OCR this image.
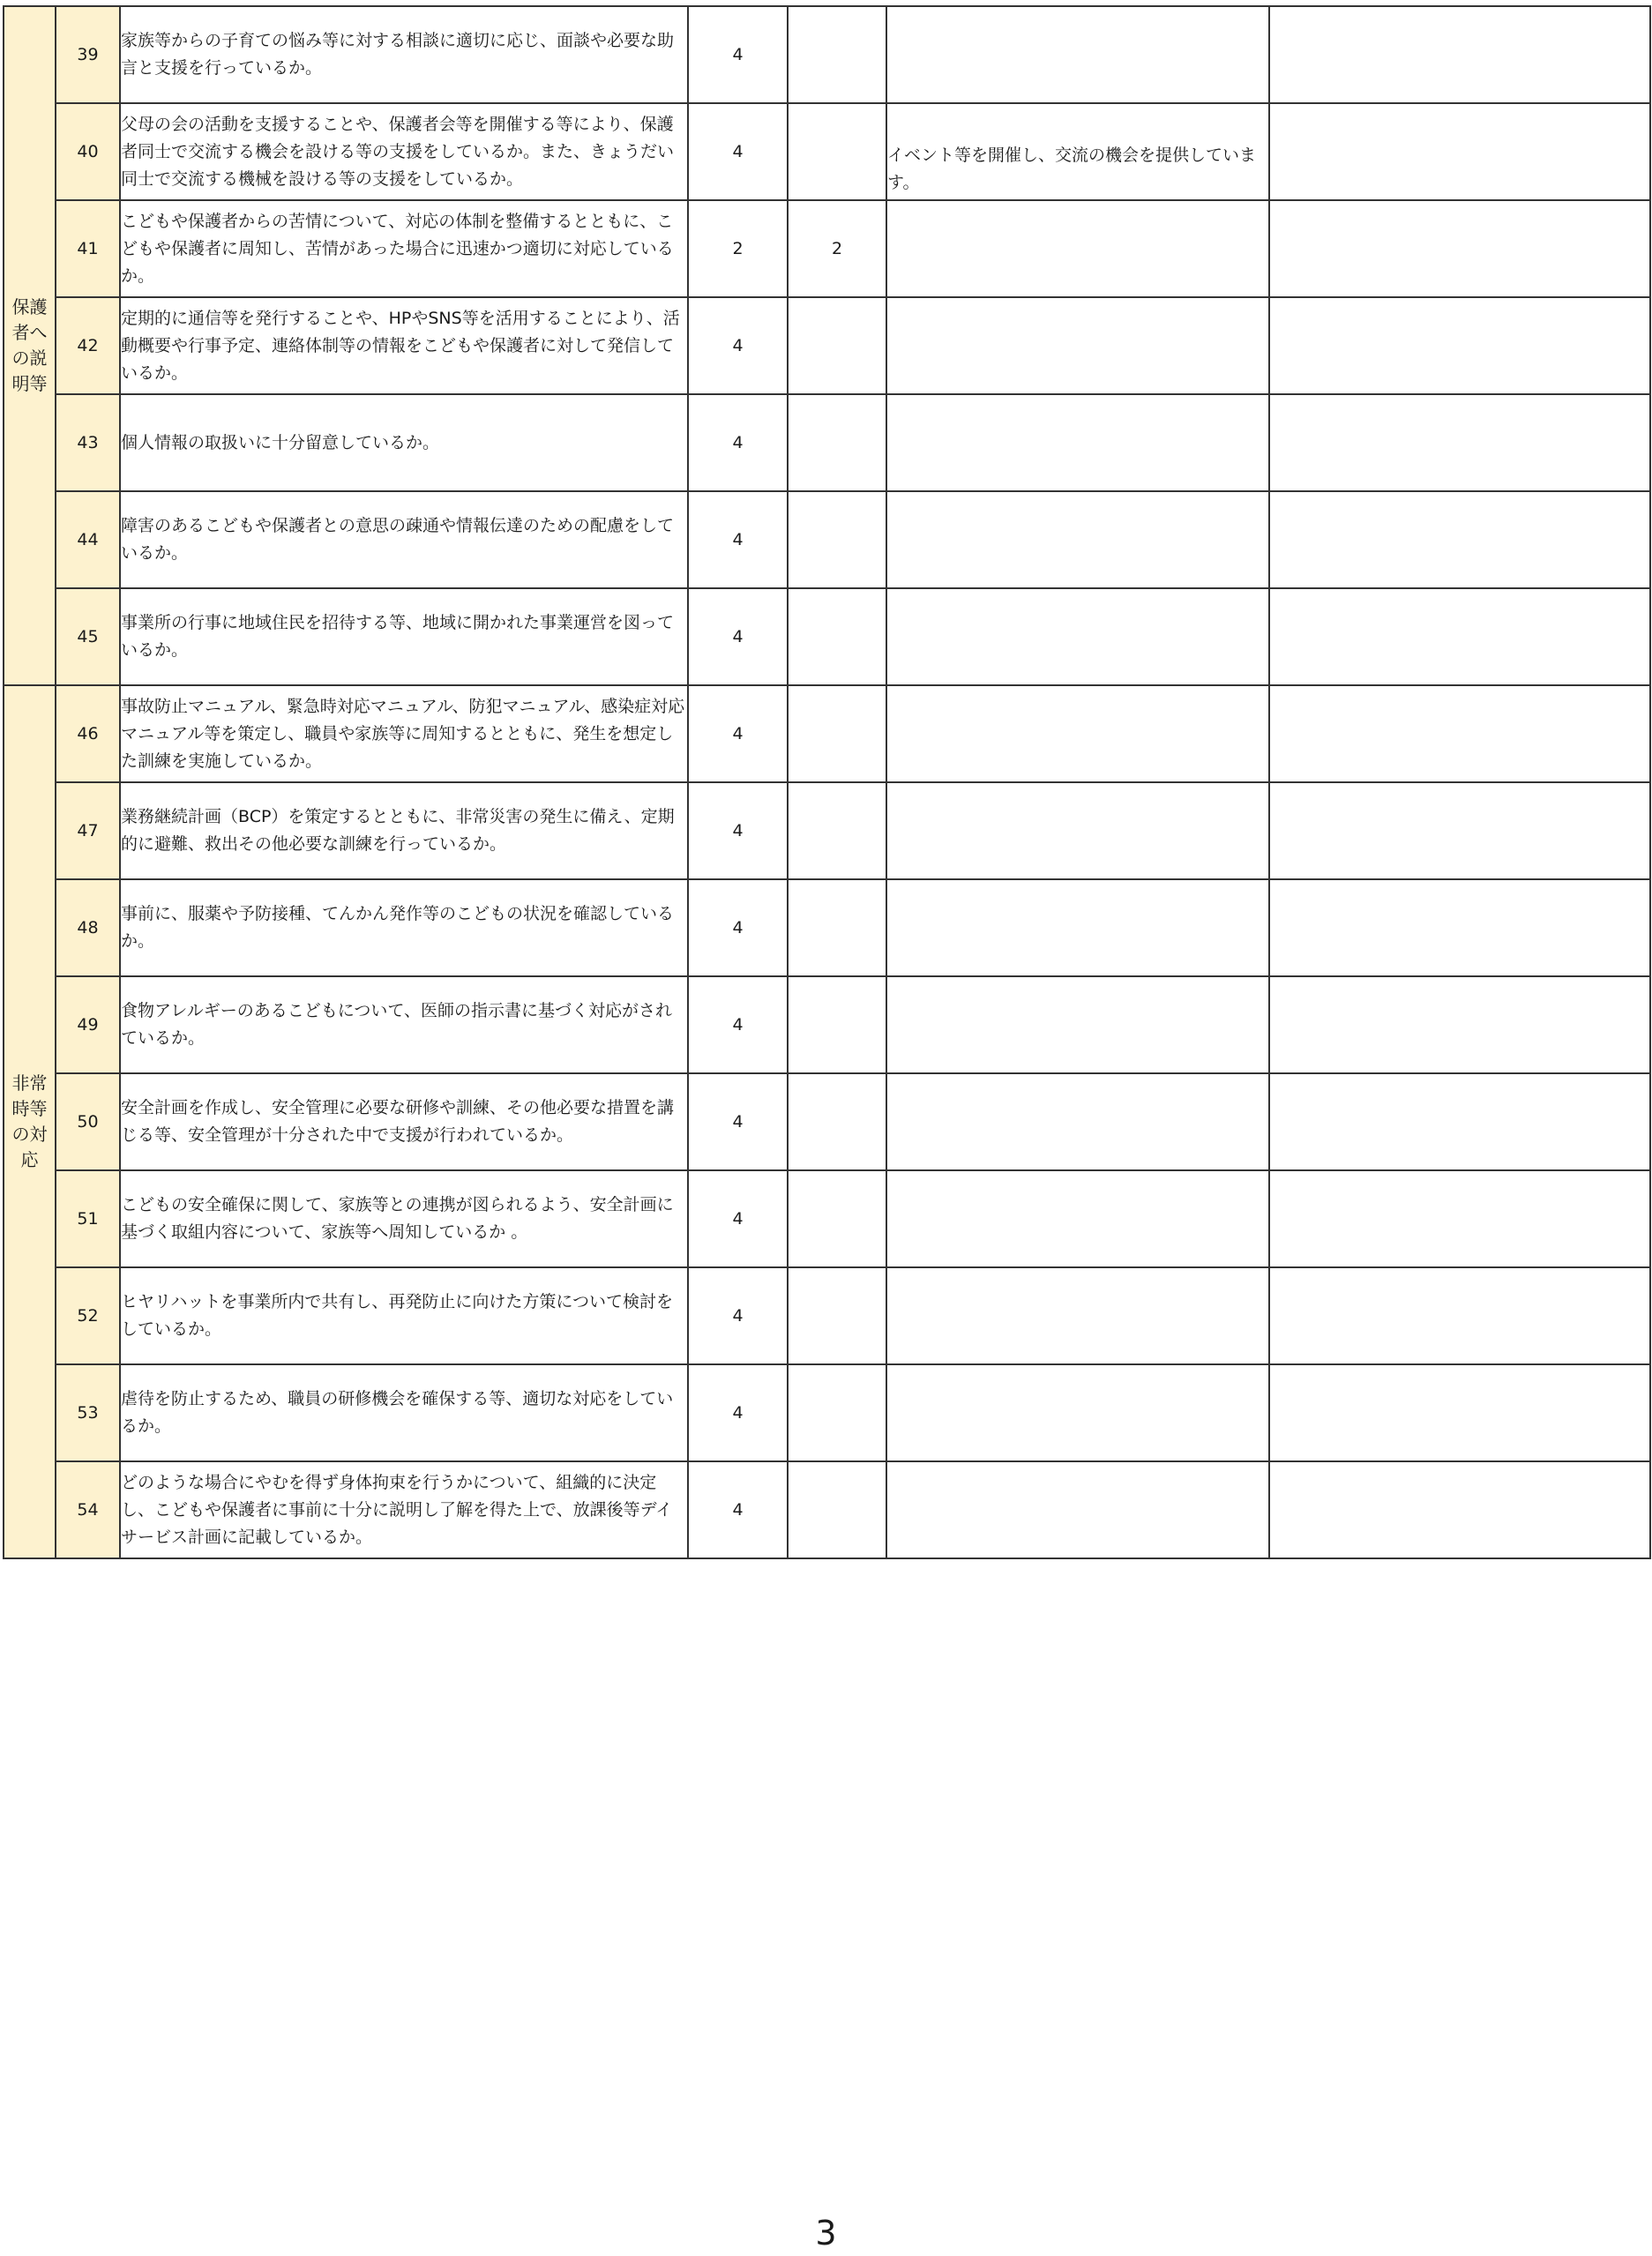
保護者への説明等	39	家族等からの子育ての悩み等に対する相談に適切に応じ、面談や必要な助言と支援を行っているか。	4		

	40	父母の会の活動を支援することや、保護者会等を開催する等により、保護者同士で交流する機会を設ける等の支援をしているか。また、きょうだい同士で交流する機械を設ける等の支援をしているか。	4		イベント等を開催し、交流の機会を提供しています。	

	41	こどもや保護者からの苦情について、対応の体制を整備するとともに、こどもや保護者に周知し、苦情があった場合に迅速かつ適切に対応しているか。	2	2	

	42	定期的に通信等を発行することや、HPやSNS等を活用することにより、活動概要や行事予定、連絡体制等の情報をこどもや保護者に対して発信しているか。	4		

	43	個人情報の取扱いに十分留意しているか。	4		

	44	障害のあるこどもや保護者との意思の疎通や情報伝達のための配慮をしているか。	4		

	45	事業所の行事に地域住民を招待する等、地域に開かれた事業運営を図っているか。	4		

非常時等の対応	46	事故防止マニュアル、緊急時対応マニュアル、防犯マニュアル、感染症対応マニュアル等を策定し、職員や家族等に周知するとともに、発生を想定した訓練を実施しているか。	4		

	47	業務継続計画（BCP）を策定するとともに、非常災害の発生に備え、定期的に避難、救出その他必要な訓練を行っているか。	4		

	48	事前に、服薬や予防接種、てんかん発作等のこどもの状況を確認しているか。	4		

	49	食物アレルギーのあるこどもについて、医師の指示書に基づく対応がされているか。	4		

	50	安全計画を作成し、安全管理に必要な研修や訓練、その他必要な措置を講じる等、安全管理が十分された中で支援が行われているか。	4		

	51	こどもの安全確保に関して、家族等との連携が図られるよう、安全計画に基づく取組内容について、家族等へ周知しているか 。	4		

	52	ヒヤリハットを事業所内で共有し、再発防止に向けた方策について検討をしているか。	4		

	53	虐待を防止するため、職員の研修機会を確保する等、適切な対応をしているか。	4		

	54	どのような場合にやむを得ず身体拘束を行うかについて、組織的に決定し、こどもや保護者に事前に十分に説明し了解を得た上で、放課後等デイサービス計画に記載しているか。	4		

3
